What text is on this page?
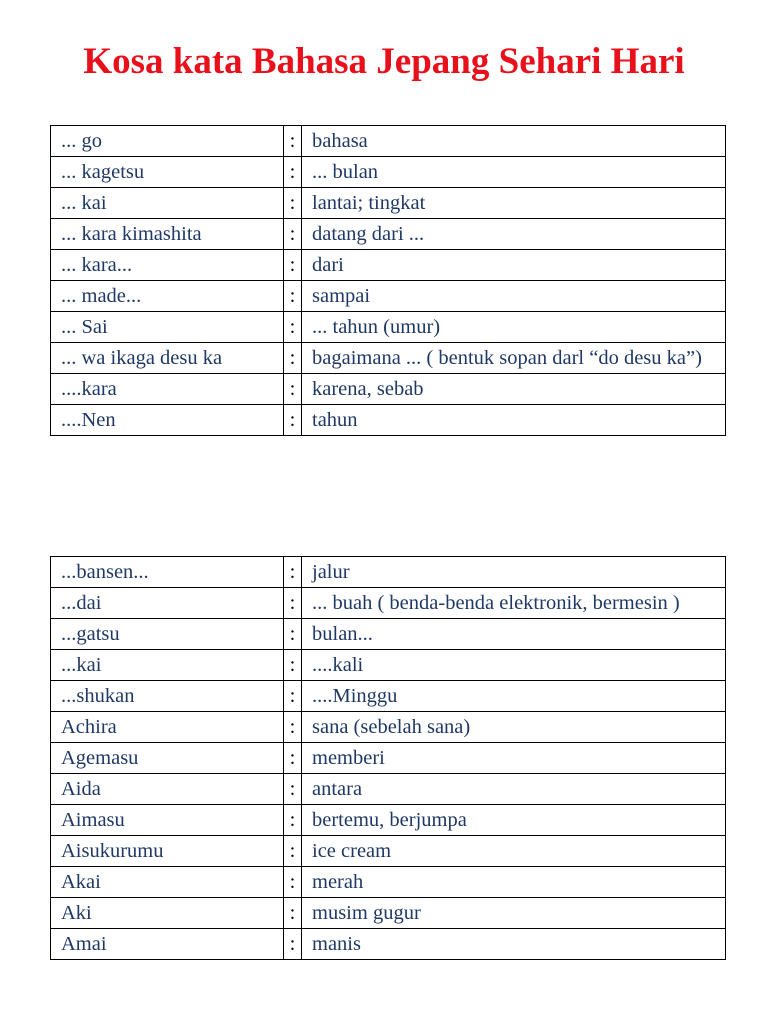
Kosa kata Bahasa Jepang Sehari Hari
... go	:	bahasa
... kagetsu	:	... bulan
... kai	:	lantai; tingkat
... kara kimashita	:	datang dari ...
... kara...	:	dari
... made...	:	sampai
... Sai	:	... tahun (umur)
... wa ikaga desu ka	:	bagaimana ... ( bentuk sopan darl “do desu ka”)
....kara	:	karena, sebab
....Nen	:	tahun
...bansen...	:	jalur
...dai	:	... buah ( benda-benda elektronik, bermesin )
...gatsu	:	bulan...
...kai	:	....kali
...shukan	:	....Minggu
Achira	:	sana (sebelah sana)
Agemasu	:	memberi
Aida	:	antara
Aimasu	:	bertemu, berjumpa
Aisukurumu	:	ice cream
Akai	:	merah
Aki	:	musim gugur
Amai	:	manis
